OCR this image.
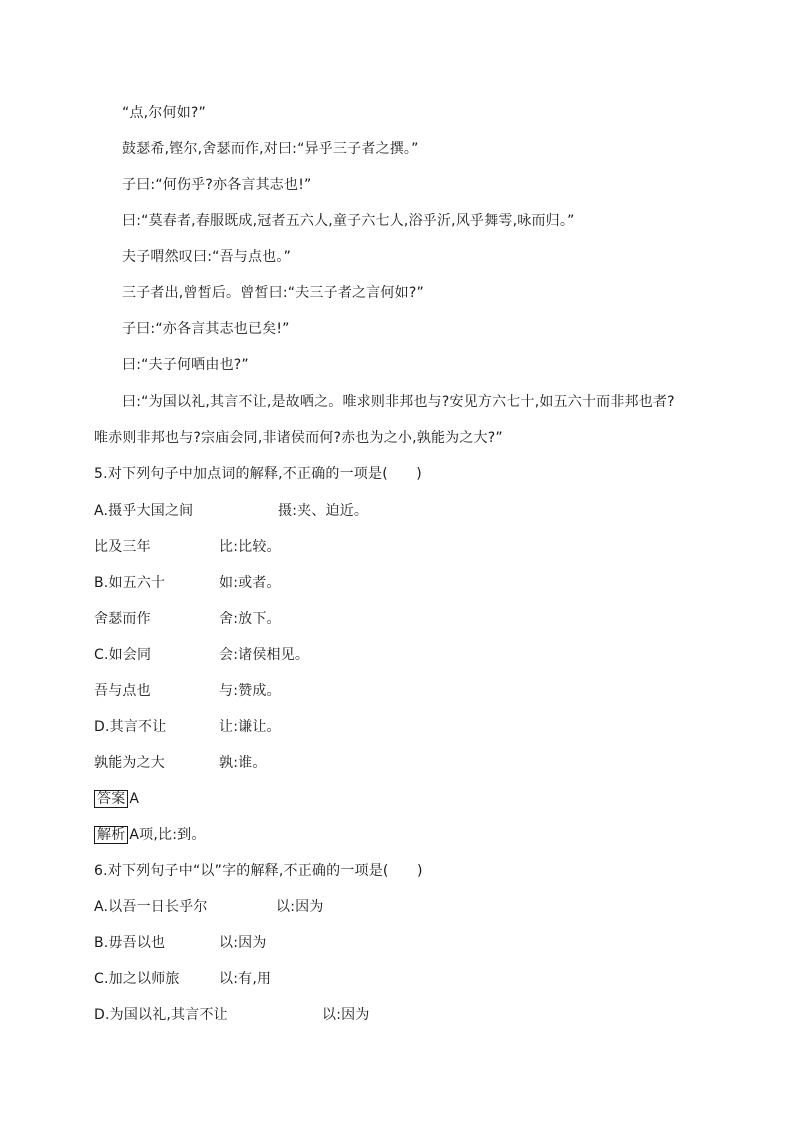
“点,尔何如?”
鼓瑟希,铿尔,舍瑟而作,对曰:“异乎三子者之撰。”
子曰:“何伤乎?亦各言其志也!”
曰:“莫春者,春服既成,冠者五六人,童子六七人,浴乎沂,风乎舞雩,咏而归。”
夫子喟然叹曰:“吾与点也。”
三子者出,曾皙后。曾皙曰:“夫三子者之言何如?”
子曰:“亦各言其志也已矣!”
曰:“夫子何哂由也?”
曰:“为国以礼,其言不让,是故哂之。唯求则非邦也与?安见方六七十,如五六十而非邦也者?
唯赤则非邦也与?宗庙会同,非诸侯而何?赤也为之小,孰能为之大?”
5.对下列句子中加点词的解释,不正确的一项是(　　)
A.摄乎大国之间	摄:夹、迫近。
比及三年	比:比较。
B.如五六十	如:或者。
舍瑟而作	舍:放下。
C.如会同	会:诸侯相见。
吾与点也	与:赞成。
D.其言不让	让:谦让。
孰能为之大	孰:谁。
答案 A
解析 A项,比:到。
6.对下列句子中“以”字的解释,不正确的一项是(　　)
A.以吾一日长乎尔	以:因为
B.毋吾以也	以:因为
C.加之以师旅	以:有,用
D.为国以礼,其言不让	以:因为
